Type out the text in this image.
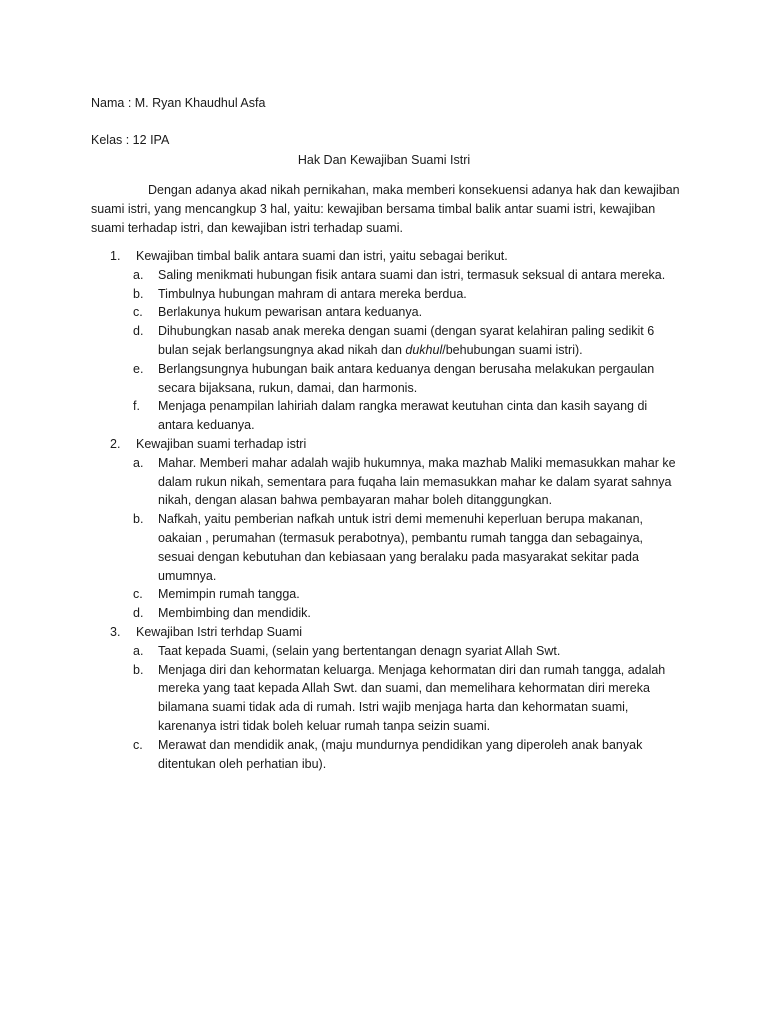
Nama : M. Ryan Khaudhul Asfa
Kelas : 12 IPA
Hak Dan Kewajiban Suami Istri

Dengan adanya akad nikah pernikahan, maka memberi konsekuensi adanya hak dan kewajiban suami istri, yang mencangkup 3 hal, yaitu: kewajiban bersama timbal balik antar suami istri, kewajiban suami terhadap istri, dan kewajiban istri terhadap suami.

1. Kewajiban timbal balik antara suami dan istri, yaitu sebagai berikut.
a. Saling menikmati hubungan fisik antara suami dan istri, termasuk seksual di antara mereka.
b. Timbulnya hubungan mahram di antara mereka berdua.
c. Berlakunya hukum pewarisan antara keduanya.
d. Dihubungkan nasab anak mereka dengan suami (dengan syarat kelahiran paling sedikit 6 bulan sejak berlangsungnya akad nikah dan dukhul/behubungan suami istri).
e. Berlangsungnya hubungan baik antara keduanya dengan berusaha melakukan pergaulan secara bijaksana, rukun, damai, dan harmonis.
f. Menjaga penampilan lahiriah dalam rangka merawat keutuhan cinta dan kasih sayang di antara keduanya.
2. Kewajiban suami terhadap istri
a. Mahar. Memberi mahar adalah wajib hukumnya, maka mazhab Maliki memasukkan mahar ke dalam rukun nikah, sementara para fuqaha lain memasukkan mahar ke dalam syarat sahnya nikah, dengan alasan bahwa pembayaran mahar boleh ditanggungkan.
b. Nafkah, yaitu pemberian nafkah untuk istri demi memenuhi keperluan berupa makanan, oakaian , perumahan (termasuk perabotnya), pembantu rumah tangga dan sebagainya, sesuai dengan kebutuhan dan kebiasaan yang beralaku pada masyarakat sekitar pada umumnya.
c. Memimpin rumah tangga.
d. Membimbing dan mendidik.
3. Kewajiban Istri terhdap Suami
a. Taat kepada Suami, (selain yang bertentangan denagn syariat Allah Swt.
b. Menjaga diri dan kehormatan keluarga. Menjaga kehormatan diri dan rumah tangga, adalah mereka yang taat kepada Allah Swt. dan suami, dan memelihara kehormatan diri mereka bilamana suami tidak ada di rumah. Istri wajib menjaga harta dan kehormatan suami, karenanya istri tidak boleh keluar rumah tanpa seizin suami.
c. Merawat dan mendidik anak, (maju mundurnya pendidikan yang diperoleh anak banyak ditentukan oleh perhatian ibu).
